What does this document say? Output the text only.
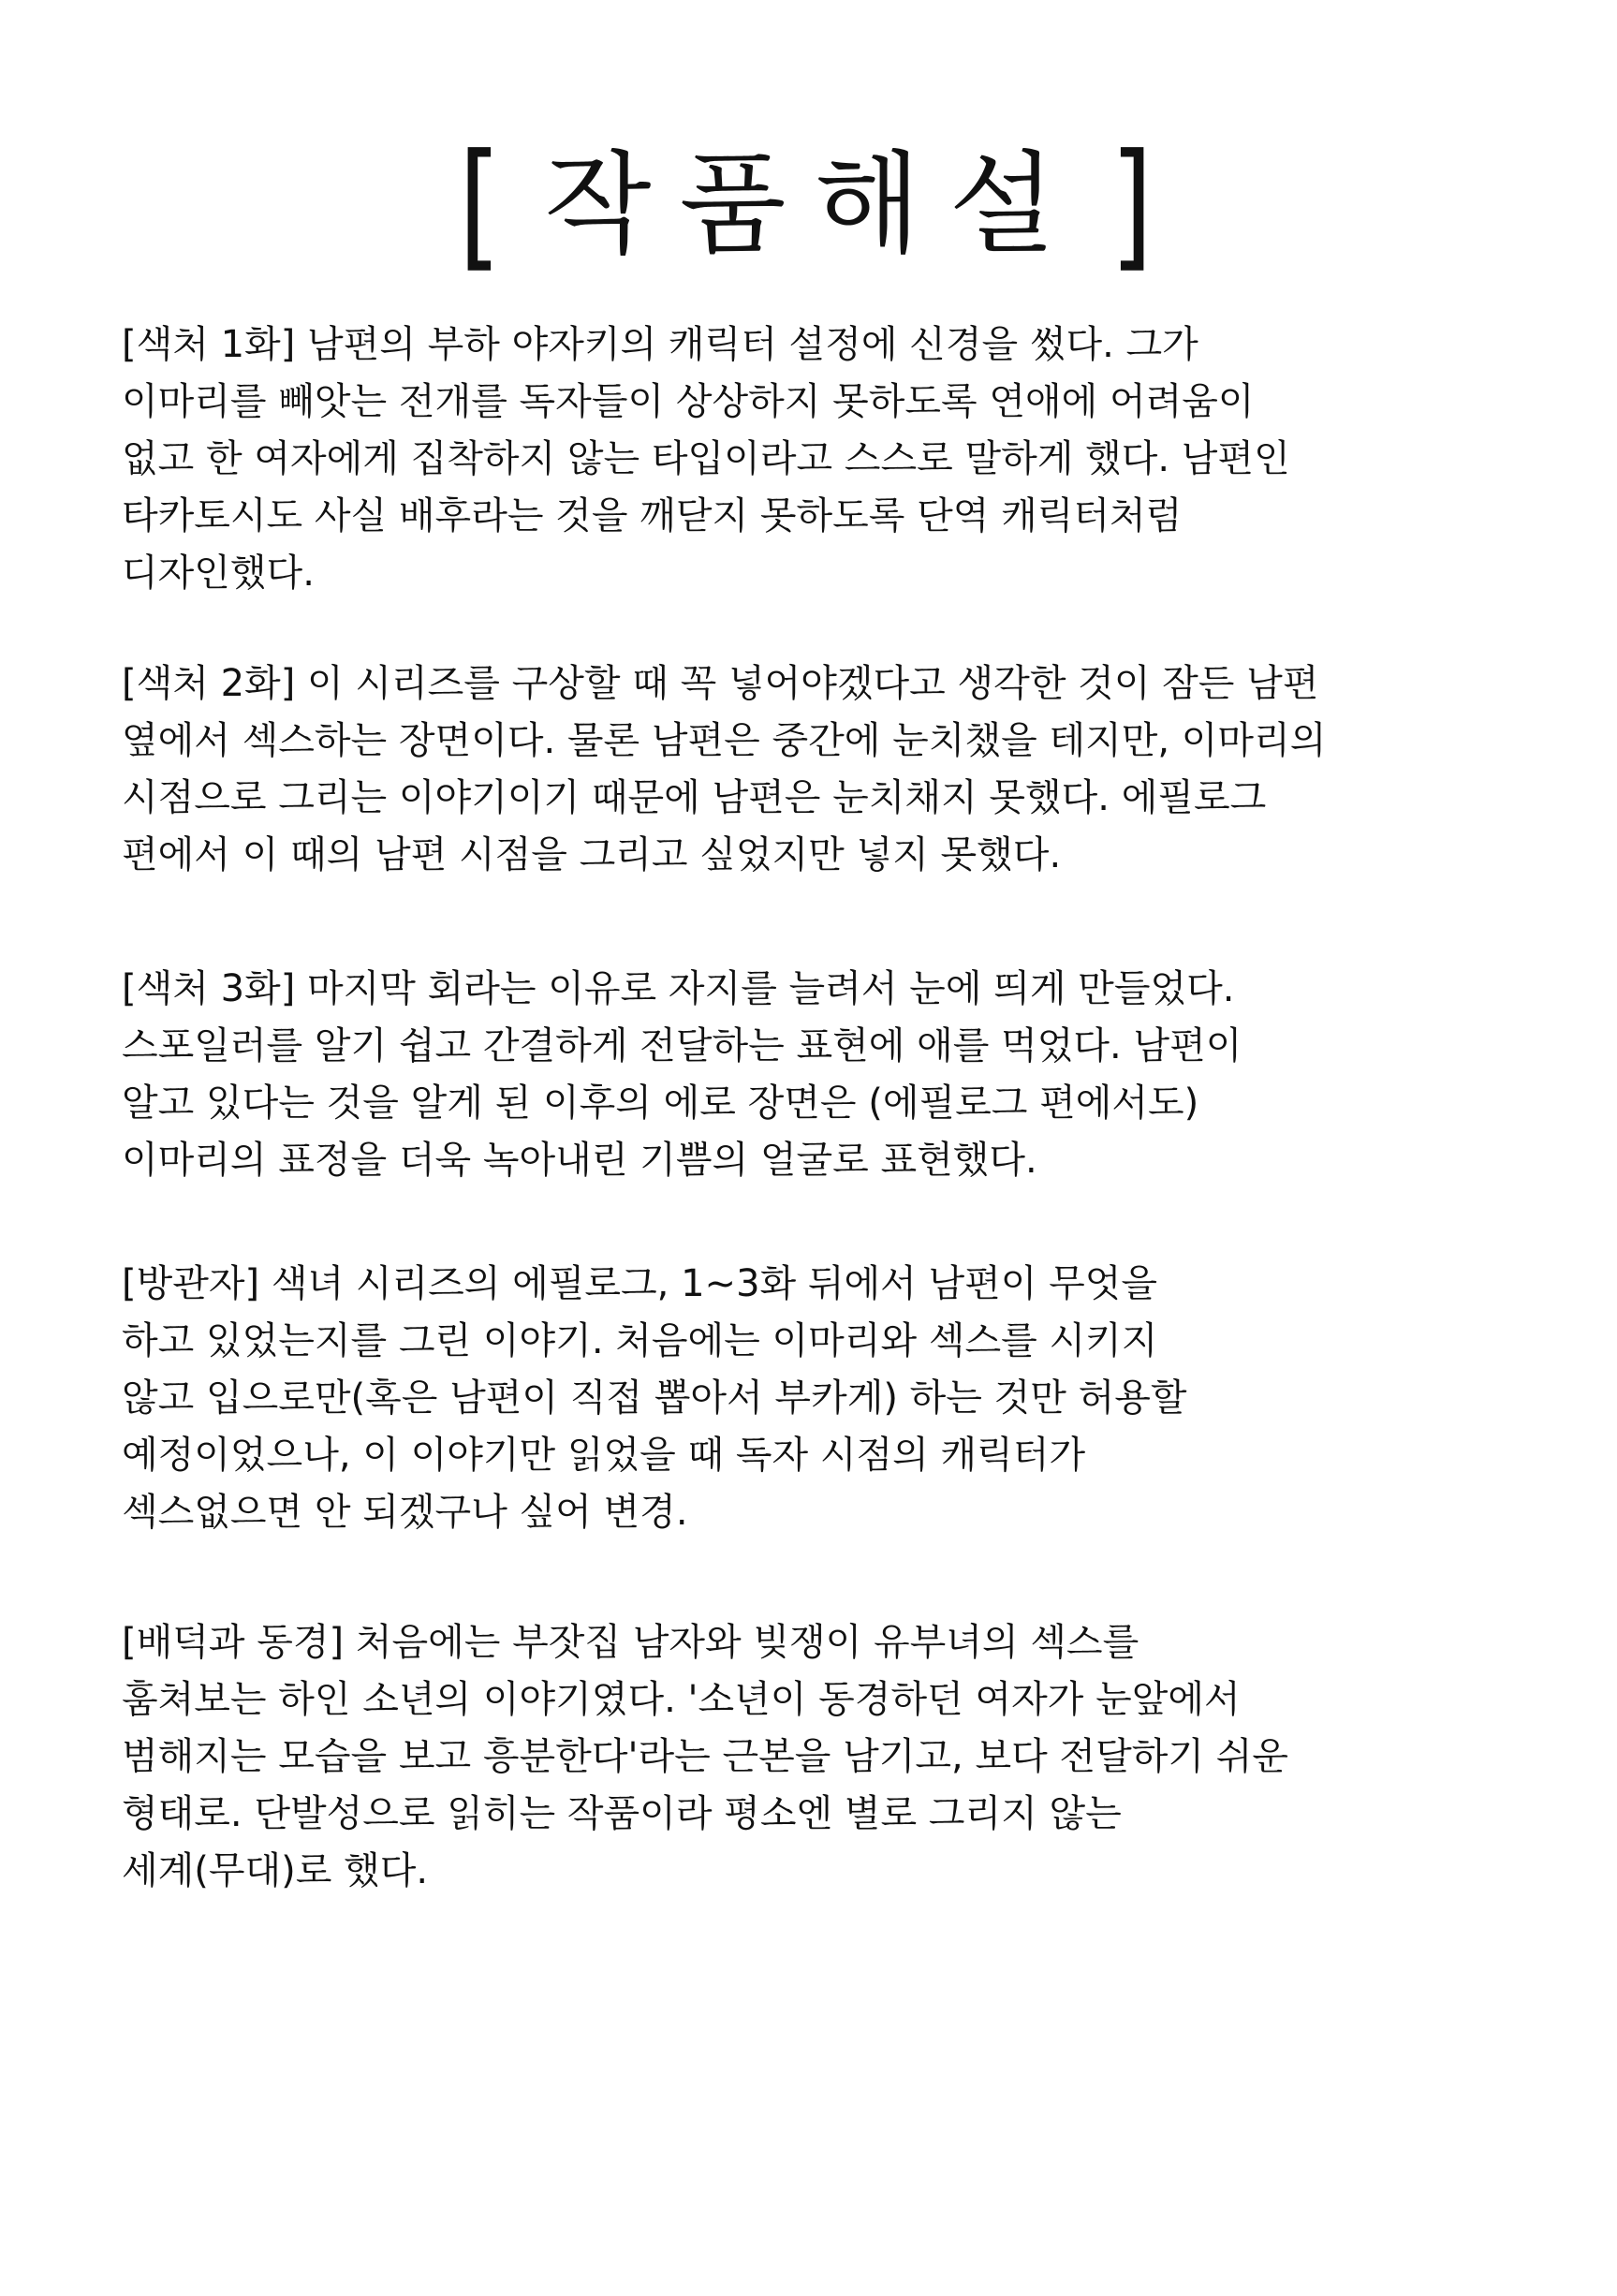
[ 작품해설 ]
[색처 1화] 남편의 부하 야자키의 캐릭터 설정에 신경을 썼다. 그가
이마리를 빼앗는 전개를 독자들이 상상하지 못하도록 연애에 어려움이
없고 한 여자에게 집착하지 않는 타입이라고 스스로 말하게 했다. 남편인
타카토시도 사실 배후라는 것을 깨닫지 못하도록 단역 캐릭터처럼
디자인했다.
[색처 2화] 이 시리즈를 구상할 때 꼭 넣어야겠다고 생각한 것이 잠든 남편
옆에서 섹스하는 장면이다. 물론 남편은 중간에 눈치챘을 테지만, 이마리의
시점으로 그리는 이야기이기 때문에 남편은 눈치채지 못했다. 에필로그
편에서 이 때의 남편 시점을 그리고 싶었지만 넣지 못했다.
[색처 3화] 마지막 회라는 이유로 자지를 늘려서 눈에 띄게 만들었다.
스포일러를 알기 쉽고 간결하게 전달하는 표현에 애를 먹었다. 남편이
알고 있다는 것을 알게 된 이후의 에로 장면은 (에필로그 편에서도)
이마리의 표정을 더욱 녹아내린 기쁨의 얼굴로 표현했다.
[방관자] 색녀 시리즈의 에필로그, 1~3화 뒤에서 남편이 무엇을
하고 있었는지를 그린 이야기. 처음에는 이마리와 섹스를 시키지
않고 입으로만(혹은 남편이 직접 뽑아서 부카게) 하는 것만 허용할
예정이었으나, 이 이야기만 읽었을 때 독자 시점의 캐릭터가
섹스없으면 안 되겠구나 싶어 변경.
[배덕과 동경] 처음에는 부잣집 남자와 빚쟁이 유부녀의 섹스를
훔쳐보는 하인 소년의 이야기였다. '소년이 동경하던 여자가 눈앞에서
범해지는 모습을 보고 흥분한다'라는 근본을 남기고, 보다 전달하기 쉬운
형태로. 단발성으로 읽히는 작품이라 평소엔 별로 그리지 않는
세계(무대)로 했다.
